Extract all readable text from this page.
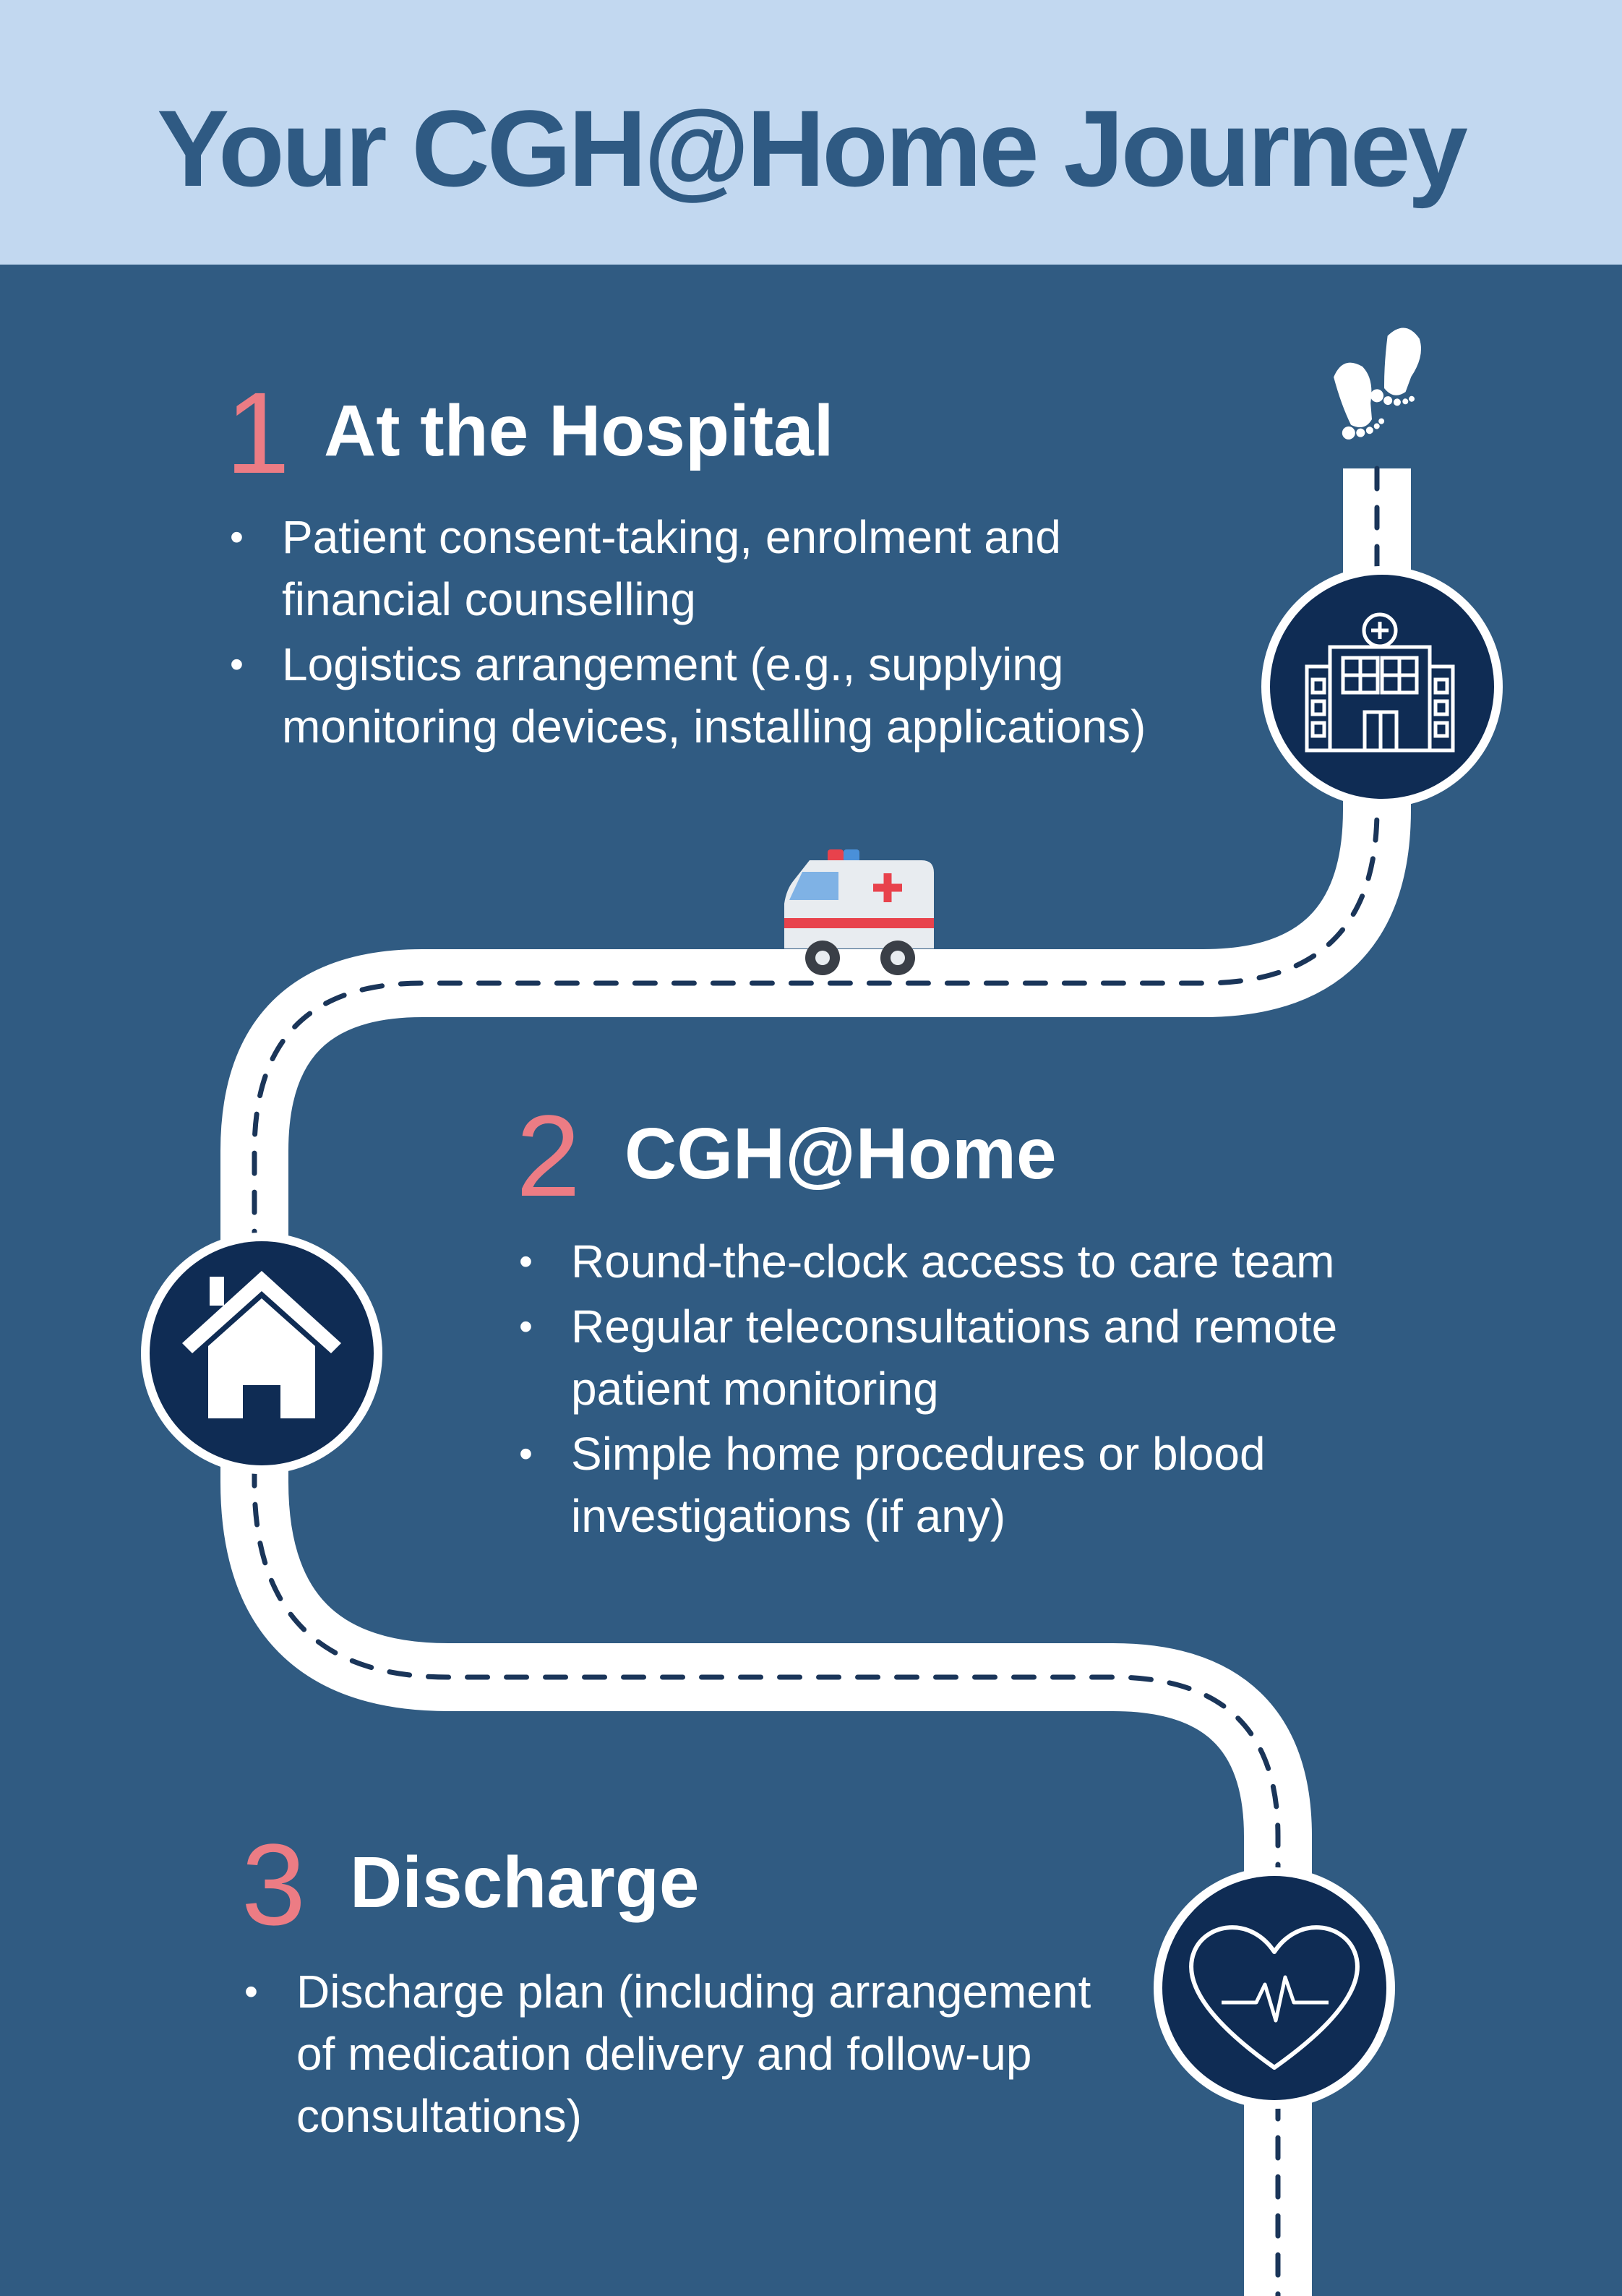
Your CGH@Home Journey
1 At the Hospital
• Patient consent-taking, enrolment and financial counselling
• Logistics arrangement (e.g., supplying monitoring devices, installing applications)
2 CGH@Home
• Round-the-clock access to care team
• Regular teleconsultations and remote patient monitoring
• Simple home procedures or blood investigations (if any)
3 Discharge
• Discharge plan (including arrangement of medication delivery and follow-up consultations)
